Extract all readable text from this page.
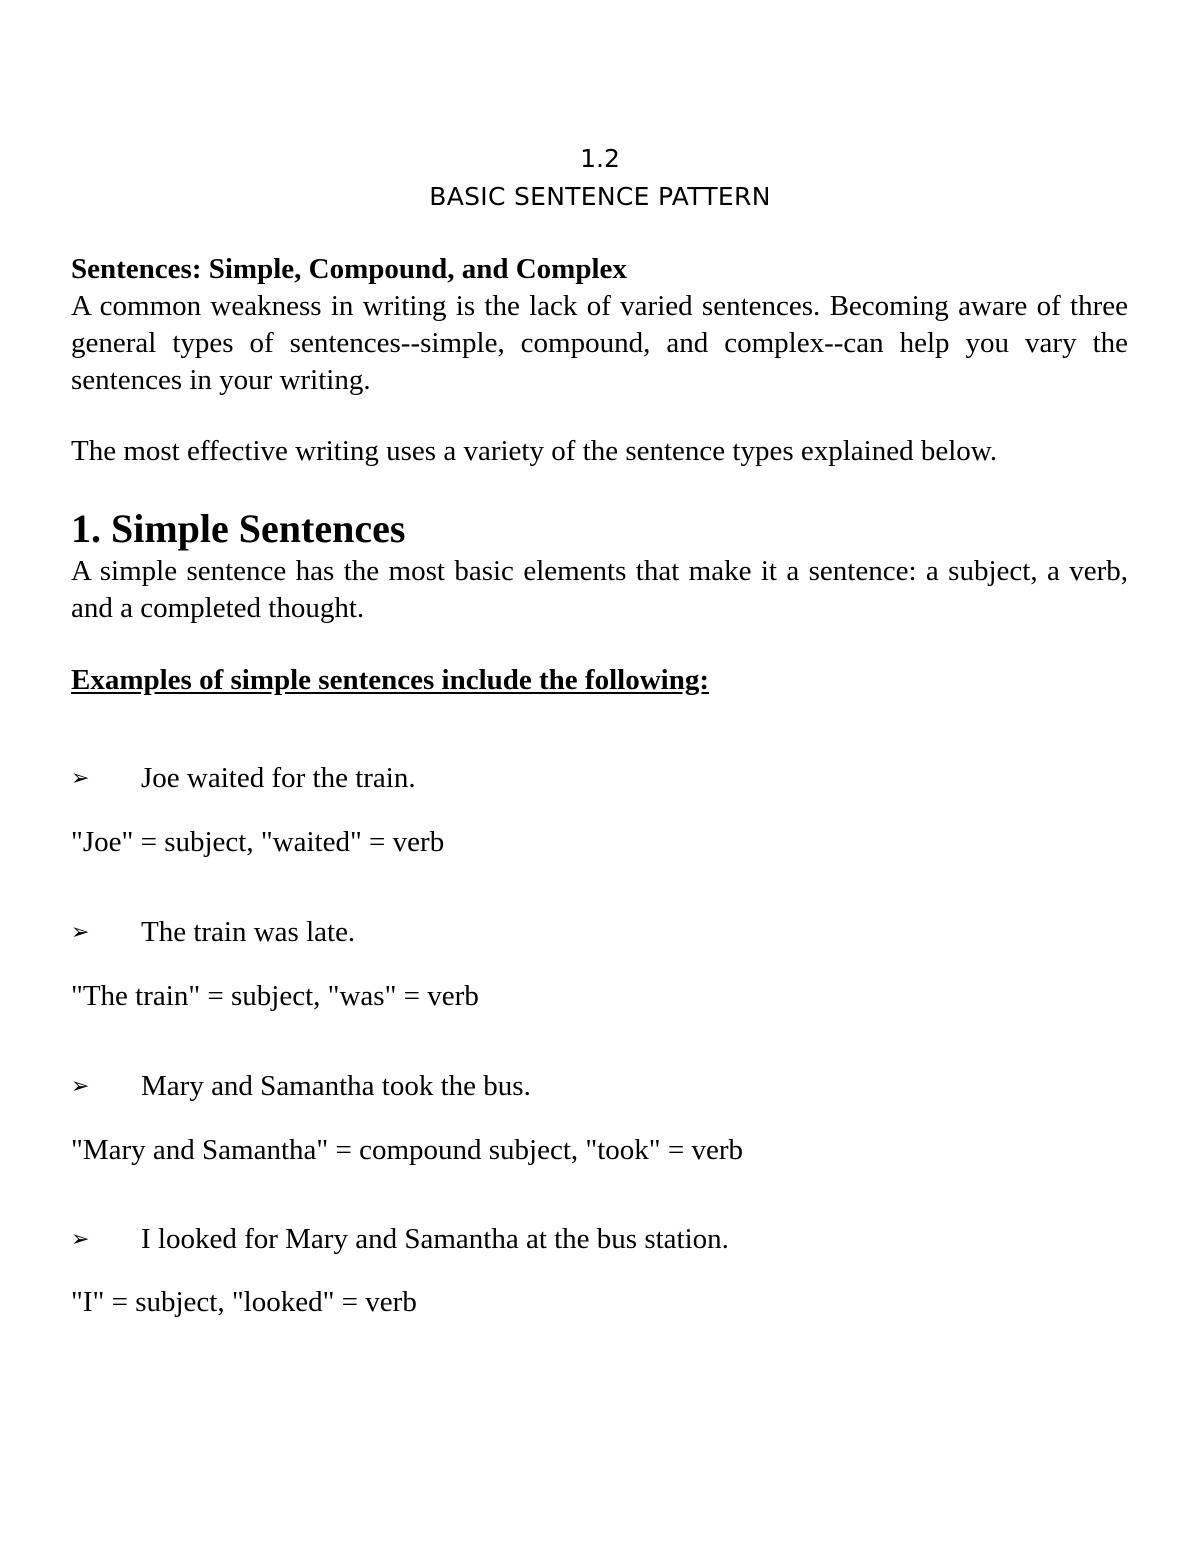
1.2
BASIC SENTENCE PATTERN
Sentences: Simple, Compound, and Complex
A common weakness in writing is the lack of varied sentences. Becoming aware of three general types of sentences--simple, compound, and complex--can help you vary the sentences in your writing.
The most effective writing uses a variety of the sentence types explained below.
1. Simple Sentences
A simple sentence has the most basic elements that make it a sentence: a subject, a verb, and a completed thought.
Examples of simple sentences include the following:
➢ Joe waited for the train.
"Joe" = subject, "waited" = verb
➢ The train was late.
"The train" = subject, "was" = verb
➢ Mary and Samantha took the bus.
"Mary and Samantha" = compound subject, "took" = verb
➢ I looked for Mary and Samantha at the bus station.
"I" = subject, "looked" = verb
